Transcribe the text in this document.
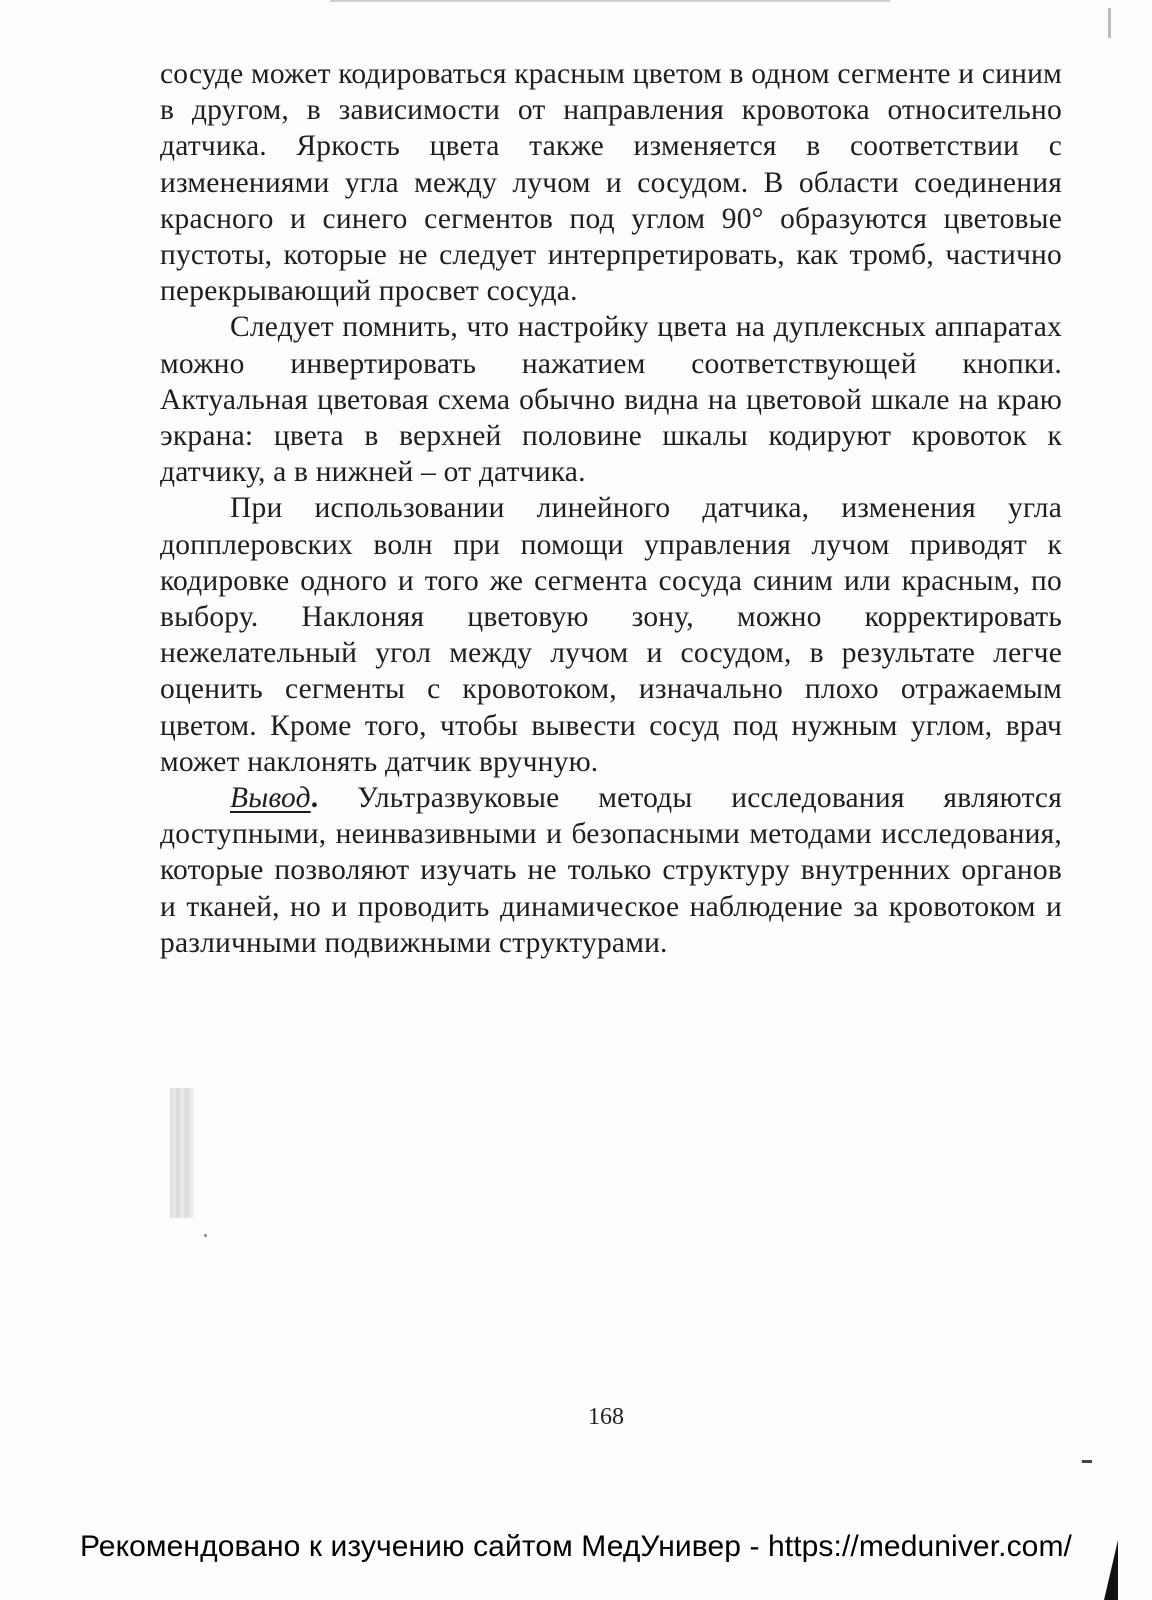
сосуде может кодироваться красным цветом в одном сегменте и синим в другом, в зависимости от направления кровотока относительно датчика. Яркость цвета также изменяется в соответствии с изменениями угла между лучом и сосудом. В области соединения красного и синего сегментов под углом 90° образуются цветовые пустоты, которые не следует интерпретировать, как тромб, частично перекрывающий просвет сосуда.

Следует помнить, что настройку цвета на дуплексных аппаратах можно инвертировать нажатием соответствующей кнопки. Актуальная цветовая схема обычно видна на цветовой шкале на краю экрана: цвета в верхней половине шкалы кодируют кровоток к датчику, а в нижней – от датчика.

При использовании линейного датчика, изменения угла допплеровских волн при помощи управления лучом приводят к кодировке одного и того же сегмента сосуда синим или красным, по выбору. Наклоняя цветовую зону, можно корректировать нежелательный угол между лучом и сосудом, в результате легче оценить сегменты с кровотоком, изначально плохо отражаемым цветом. Кроме того, чтобы вывести сосуд под нужным углом, врач может наклонять датчик вручную.

Вывод. Ультразвуковые методы исследования являются доступными, неинвазивными и безопасными методами исследования, которые позволяют изучать не только структуру внутренних органов и тканей, но и проводить динамическое наблюдение за кровотоком и различными подвижными структурами.

168
Рекомендовано к изучению сайтом МедУнивер - https://meduniver.com/
